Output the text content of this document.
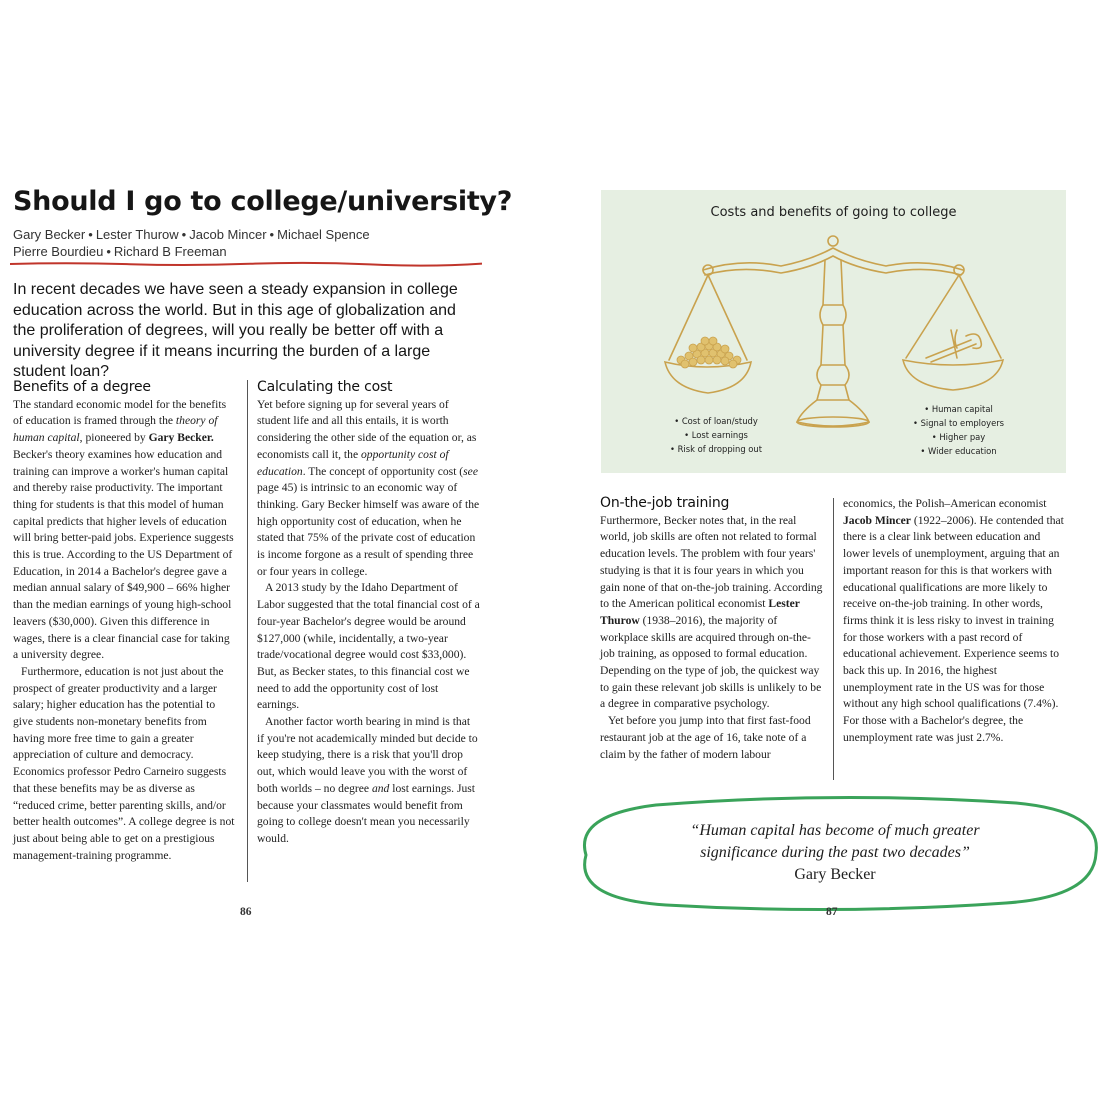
Should I go to college/university?
Gary Becker • Lester Thurow • Jacob Mincer • Michael Spence
Pierre Bourdieu • Richard B Freeman

In recent decades we have seen a steady expansion in college education across the world. But in this age of globalization and the proliferation of degrees, will you really be better off with a university degree if it means incurring the burden of a large student loan?

Benefits of a degree

The standard economic model for the benefits of education is framed through the theory of human capital, pioneered by Gary Becker. Becker's theory examines how education and training can improve a worker's human capital and thereby raise productivity. The important thing for students is that this model of human capital predicts that higher levels of education will bring better-paid jobs. Experience suggests this is true. According to the US Department of Education, in 2014 a Bachelor's degree gave a median annual salary of $49,900 – 66% higher than the median earnings of young high-school leavers ($30,000). Given this difference in wages, there is a clear financial case for taking a university degree.

Furthermore, education is not just about the prospect of greater productivity and a larger salary; higher education has the potential to give students non-monetary benefits from having more free time to gain a greater appreciation of culture and democracy. Economics professor Pedro Carneiro suggests that these benefits may be as diverse as “reduced crime, better parenting skills, and/or better health outcomes”. A college degree is not just about being able to get on a prestigious management-training programme.

Calculating the cost

Yet before signing up for several years of student life and all this entails, it is worth considering the other side of the equation or, as economists call it, the opportunity cost of education. The concept of opportunity cost (see page 45) is intrinsic to an economic way of thinking. Gary Becker himself was aware of the high opportunity cost of education, when he stated that 75% of the private cost of education is income forgone as a result of spending three or four years in college.

A 2013 study by the Idaho Department of Labor suggested that the total financial cost of a four-year Bachelor's degree would be around $127,000 (while, incidentally, a two-year trade/vocational degree would cost $33,000). But, as Becker states, to this financial cost we need to add the opportunity cost of lost earnings.

Another factor worth bearing in mind is that if you're not academically minded but decide to keep studying, there is a risk that you'll drop out, which would leave you with the worst of both worlds – no degree and lost earnings. Just because your classmates would benefit from going to college doesn't mean you necessarily would.

86
Costs and benefits of going to college
• Cost of loan/study
• Lost earnings
• Risk of dropping out
• Human capital
• Signal to employers
• Higher pay
• Wider education
On-the-job training

Furthermore, Becker notes that, in the real world, job skills are often not related to formal education levels. The problem with four years' studying is that it is four years in which you gain none of that on-the-job training. According to the American political economist Lester Thurow (1938–2016), the majority of workplace skills are acquired through on-the-job training, as opposed to formal education. Depending on the type of job, the quickest way to gain these relevant job skills is unlikely to be a degree in comparative psychology.

Yet before you jump into that first fast-food restaurant job at the age of 16, take note of a claim by the father of modern labour

economics, the Polish–American economist Jacob Mincer (1922–2006). He contended that there is a clear link between education and lower levels of unemployment, arguing that an important reason for this is that workers with educational qualifications are more likely to receive on-the-job training. In other words, firms think it is less risky to invest in training for those workers with a past record of educational achievement. Experience seems to back this up. In 2016, the highest unemployment rate in the US was for those without any high school qualifications (7.4%). For those with a Bachelor's degree, the unemployment rate was just 2.7%.

“Human capital has become of much greater
significance during the past two decades”
Gary Becker
87
